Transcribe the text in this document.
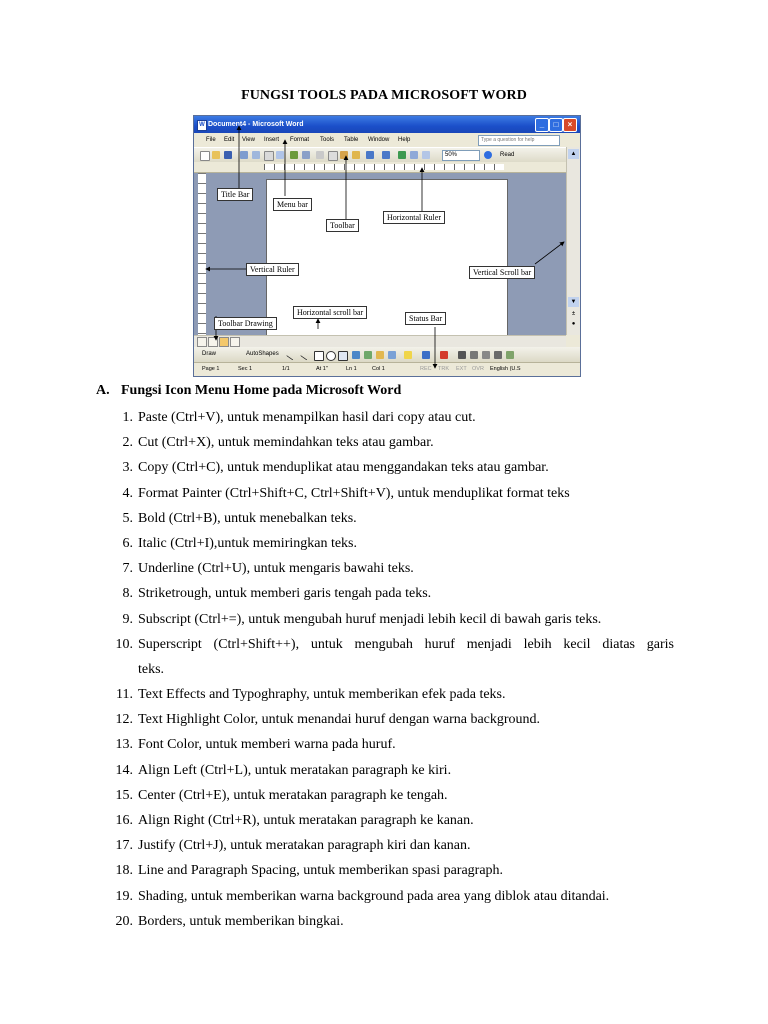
FUNGSI TOOLS PADA MICROSOFT WORD
W Document4 - Microsoft Word	_	□	×
File Edit View Insert Format Tools Table Window Help	Type a question for help
50%	Read	▲
▼
±
●
Draw	AutoShapes
Page 1	Sec 1	1/1	At 1"	Ln 1	Col 1	REC TRK EXT OVR English (U.S
Title Bar
Menu bar
Toolbar
Horizontal Ruler
Vertical Ruler	Vertical Scroll bar
Toolbar Drawing
Horizontal scroll bar
Status Bar
A. Fungsi Icon Menu Home pada Microsoft Word
1. Paste (Ctrl+V), untuk menampilkan hasil dari copy atau cut.
2. Cut (Ctrl+X), untuk memindahkan teks atau gambar.
3. Copy (Ctrl+C), untuk menduplikat atau menggandakan teks atau gambar.
4. Format Painter (Ctrl+Shift+C, Ctrl+Shift+V), untuk menduplikat format teks
5. Bold (Ctrl+B), untuk menebalkan teks.
6. Italic (Ctrl+I),untuk memiringkan teks.
7. Underline (Ctrl+U), untuk mengaris bawahi teks.
8. Striketrough, untuk memberi garis tengah pada teks.
9. Subscript (Ctrl+=), untuk mengubah huruf menjadi lebih kecil di bawah garis teks.
10. Superscript (Ctrl+Shift++), untuk mengubah huruf menjadi lebih kecil diatas garis
teks.
11. Text Effects and Typoghraphy, untuk memberikan efek pada teks.
12. Text Highlight Color, untuk menandai huruf dengan warna background.
13. Font Color, untuk memberi warna pada huruf.
14. Align Left (Ctrl+L), untuk meratakan paragraph ke kiri.
15. Center (Ctrl+E), untuk meratakan paragraph ke tengah.
16. Align Right (Ctrl+R), untuk meratakan paragraph ke kanan.
17. Justify (Ctrl+J), untuk meratakan paragraph kiri dan kanan.
18. Line and Paragraph Spacing, untuk memberikan spasi paragraph.
19. Shading, untuk memberikan warna background pada area yang diblok atau ditandai.
20. Borders, untuk memberikan bingkai.
